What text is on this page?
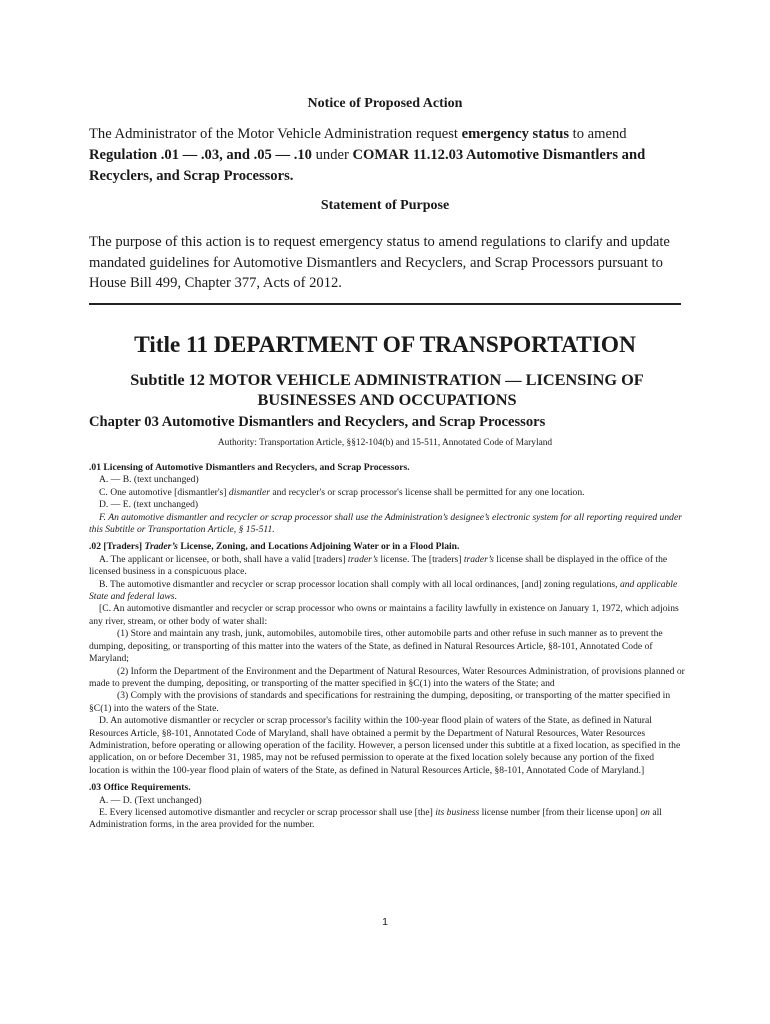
Notice of Proposed Action
The Administrator of the Motor Vehicle Administration request emergency status to amend Regulation .01 — .03, and .05 — .10 under COMAR 11.12.03 Automotive Dismantlers and Recyclers, and Scrap Processors.
Statement of Purpose
The purpose of this action is to request emergency status to amend regulations to clarify and update mandated guidelines for Automotive Dismantlers and Recyclers, and Scrap Processors pursuant to House Bill 499, Chapter 377, Acts of 2012.
Title 11 DEPARTMENT OF TRANSPORTATION
Subtitle 12 MOTOR VEHICLE ADMINISTRATION — LICENSING OF BUSINESSES AND OCCUPATIONS
Chapter 03 Automotive Dismantlers and Recyclers, and Scrap Processors
Authority: Transportation Article, §§12-104(b) and 15-511, Annotated Code of Maryland

.01 Licensing of Automotive Dismantlers and Recyclers, and Scrap Processors.

A. — B. (text unchanged)

C. One automotive [dismantler's] dismantler and recycler's or scrap processor's license shall be permitted for any one location.

D. — E. (text unchanged)

F. An automotive dismantler and recycler or scrap processor shall use the Administration’s designee’s electronic system for all reporting required under this Subtitle or Transportation Article, § 15-511.

.02 [Traders] Trader’s License, Zoning, and Locations Adjoining Water or in a Flood Plain.

A. The applicant or licensee, or both, shall have a valid [traders] trader’s license. The [traders] trader’s license shall be displayed in the office of the licensed business in a conspicuous place.

B. The automotive dismantler and recycler or scrap processor location shall comply with all local ordinances, [and] zoning regulations, and applicable State and federal laws.

[C. An automotive dismantler and recycler or scrap processor who owns or maintains a facility lawfully in existence on January 1, 1972, which adjoins any river, stream, or other body of water shall:

(1) Store and maintain any trash, junk, automobiles, automobile tires, other automobile parts and other refuse in such manner as to prevent the dumping, depositing, or transporting of this matter into the waters of the State, as defined in Natural Resources Article, §8-101, Annotated Code of Maryland;

(2) Inform the Department of the Environment and the Department of Natural Resources, Water Resources Administration, of provisions planned or made to prevent the dumping, depositing, or transporting of the matter specified in §C(1) into the waters of the State; and

(3) Comply with the provisions of standards and specifications for restraining the dumping, depositing, or transporting of the matter specified in §C(1) into the waters of the State.

D. An automotive dismantler or recycler or scrap processor's facility within the 100-year flood plain of waters of the State, as defined in Natural Resources Article, §8-101, Annotated Code of Maryland, shall have obtained a permit by the Department of Natural Resources, Water Resources Administration, before operating or allowing operation of the facility. However, a person licensed under this subtitle at a fixed location, as specified in the application, on or before December 31, 1985, may not be refused permission to operate at the fixed location solely because any portion of the fixed location is within the 100-year flood plain of waters of the State, as defined in Natural Resources Article, §8-101, Annotated Code of Maryland.]

.03 Office Requirements.

A. — D. (Text unchanged)

E. Every licensed automotive dismantler and recycler or scrap processor shall use [the] its business license number [from their license upon] on all Administration forms, in the area provided for the number.

1
